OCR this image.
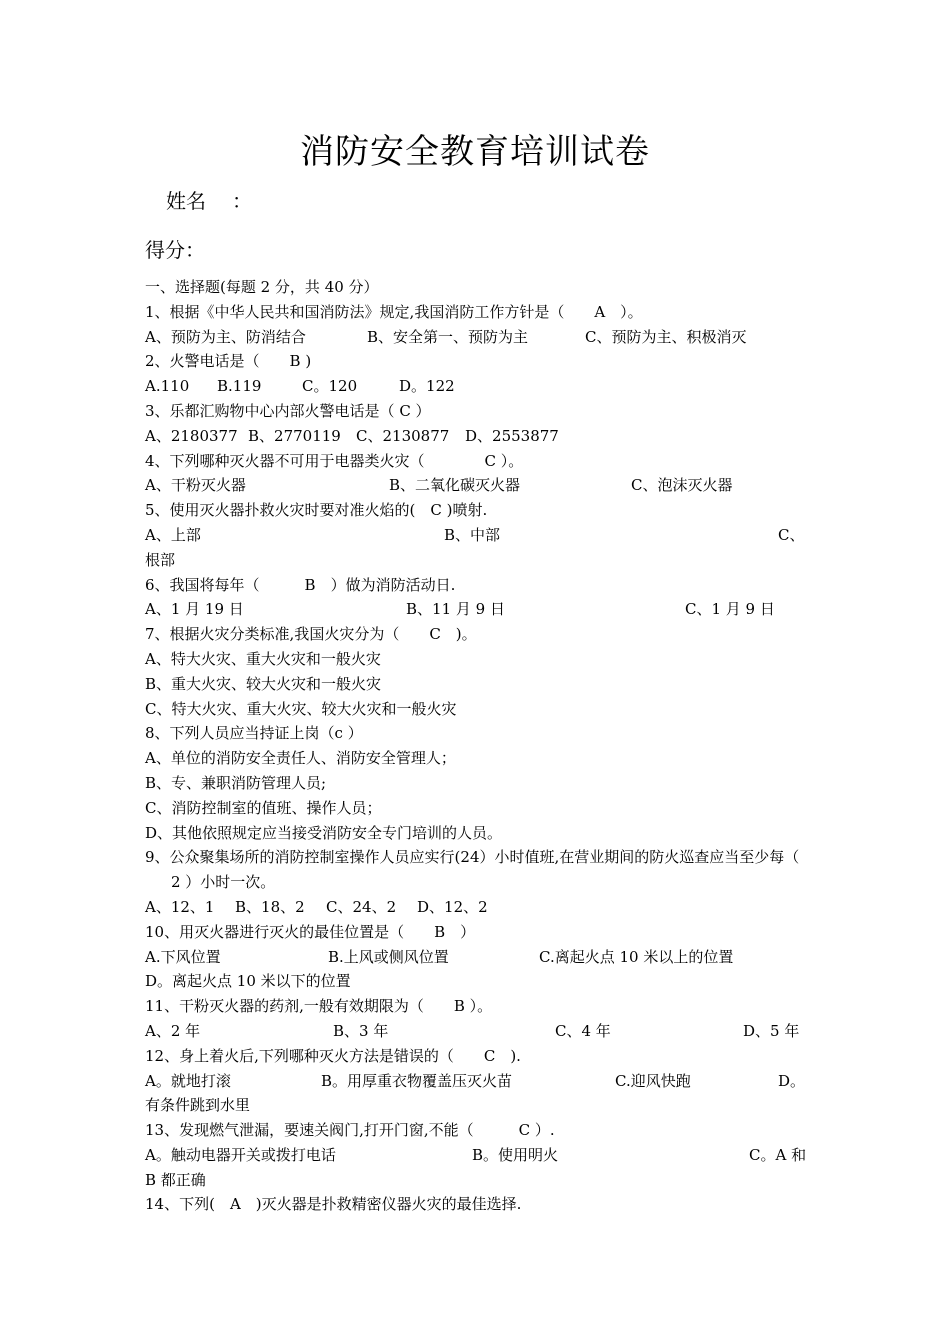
消防安全教育培训试卷
姓名 ：
得分：
一、选择题(每题 2 分，共 40 分）
1、根据《中华人民共和国消防法》规定,我国消防工作方针是（　　A　）。
A、预防为主、防消结合	B、安全第一、预防为主	C、预防为主、积极消灭
2、火警电话是（　　B )
A.110 B.119	C。120	D。122
3、乐都汇购物中心内部火警电话是（ C ）
A、2180377 B、2770119 C、2130877 D、2553877
4、下列哪种灭火器不可用于电器类火灾（　　　　C ）。
A、干粉灭火器	B、二氧化碳灭火器	C、泡沫灭火器
5、使用灭火器扑救火灾时要对准火焰的(　C )喷射.
A、上部	B、中部	C、
根部
6、我国将每年（　　　B　）做为消防活动日.
A、1 月 19 日	B、11 月 9 日	C、1 月 9 日
7、根据火灾分类标准,我国火灾分为（　　C　)。
A、特大火灾、重大火灾和一般火灾
B、重大火灾、较大火灾和一般火灾
C、特大火灾、重大火灾、较大火灾和一般火灾
8、下列人员应当持证上岗（c ）
A、单位的消防安全责任人、消防安全管理人；
B、专、兼职消防管理人员;
C、消防控制室的值班、操作人员；
D、其他依照规定应当接受消防安全专门培训的人员。
9、公众聚集场所的消防控制室操作人员应实行(24）小时值班,在营业期间的防火巡查应当至少每（　2 ）小时一次。
A、12、1 B、18、2 C、24、2 D、12、2
10、用灭火器进行灭火的最佳位置是（　　B　）
A.下风位置	B.上风或侧风位置	C.离起火点 10 米以上的位置
D。离起火点 10 米以下的位置
11、干粉灭火器的药剂,一般有效期限为（　　B ）。
A、2 年	B、3 年	C、4 年	D、5 年
12、身上着火后,下列哪种灭火方法是错误的（　　C　).
A。就地打滚	B。用厚重衣物覆盖压灭火苗	C.迎风快跑	D。
有条件跳到水里
13、发现燃气泄漏，要速关阀门,打开门窗,不能（　　　C ）.
A。触动电器开关或拨打电话	B。使用明火	C。A 和
B 都正确
14、下列(　A　)灭火器是扑救精密仪器火灾的最佳选择.
